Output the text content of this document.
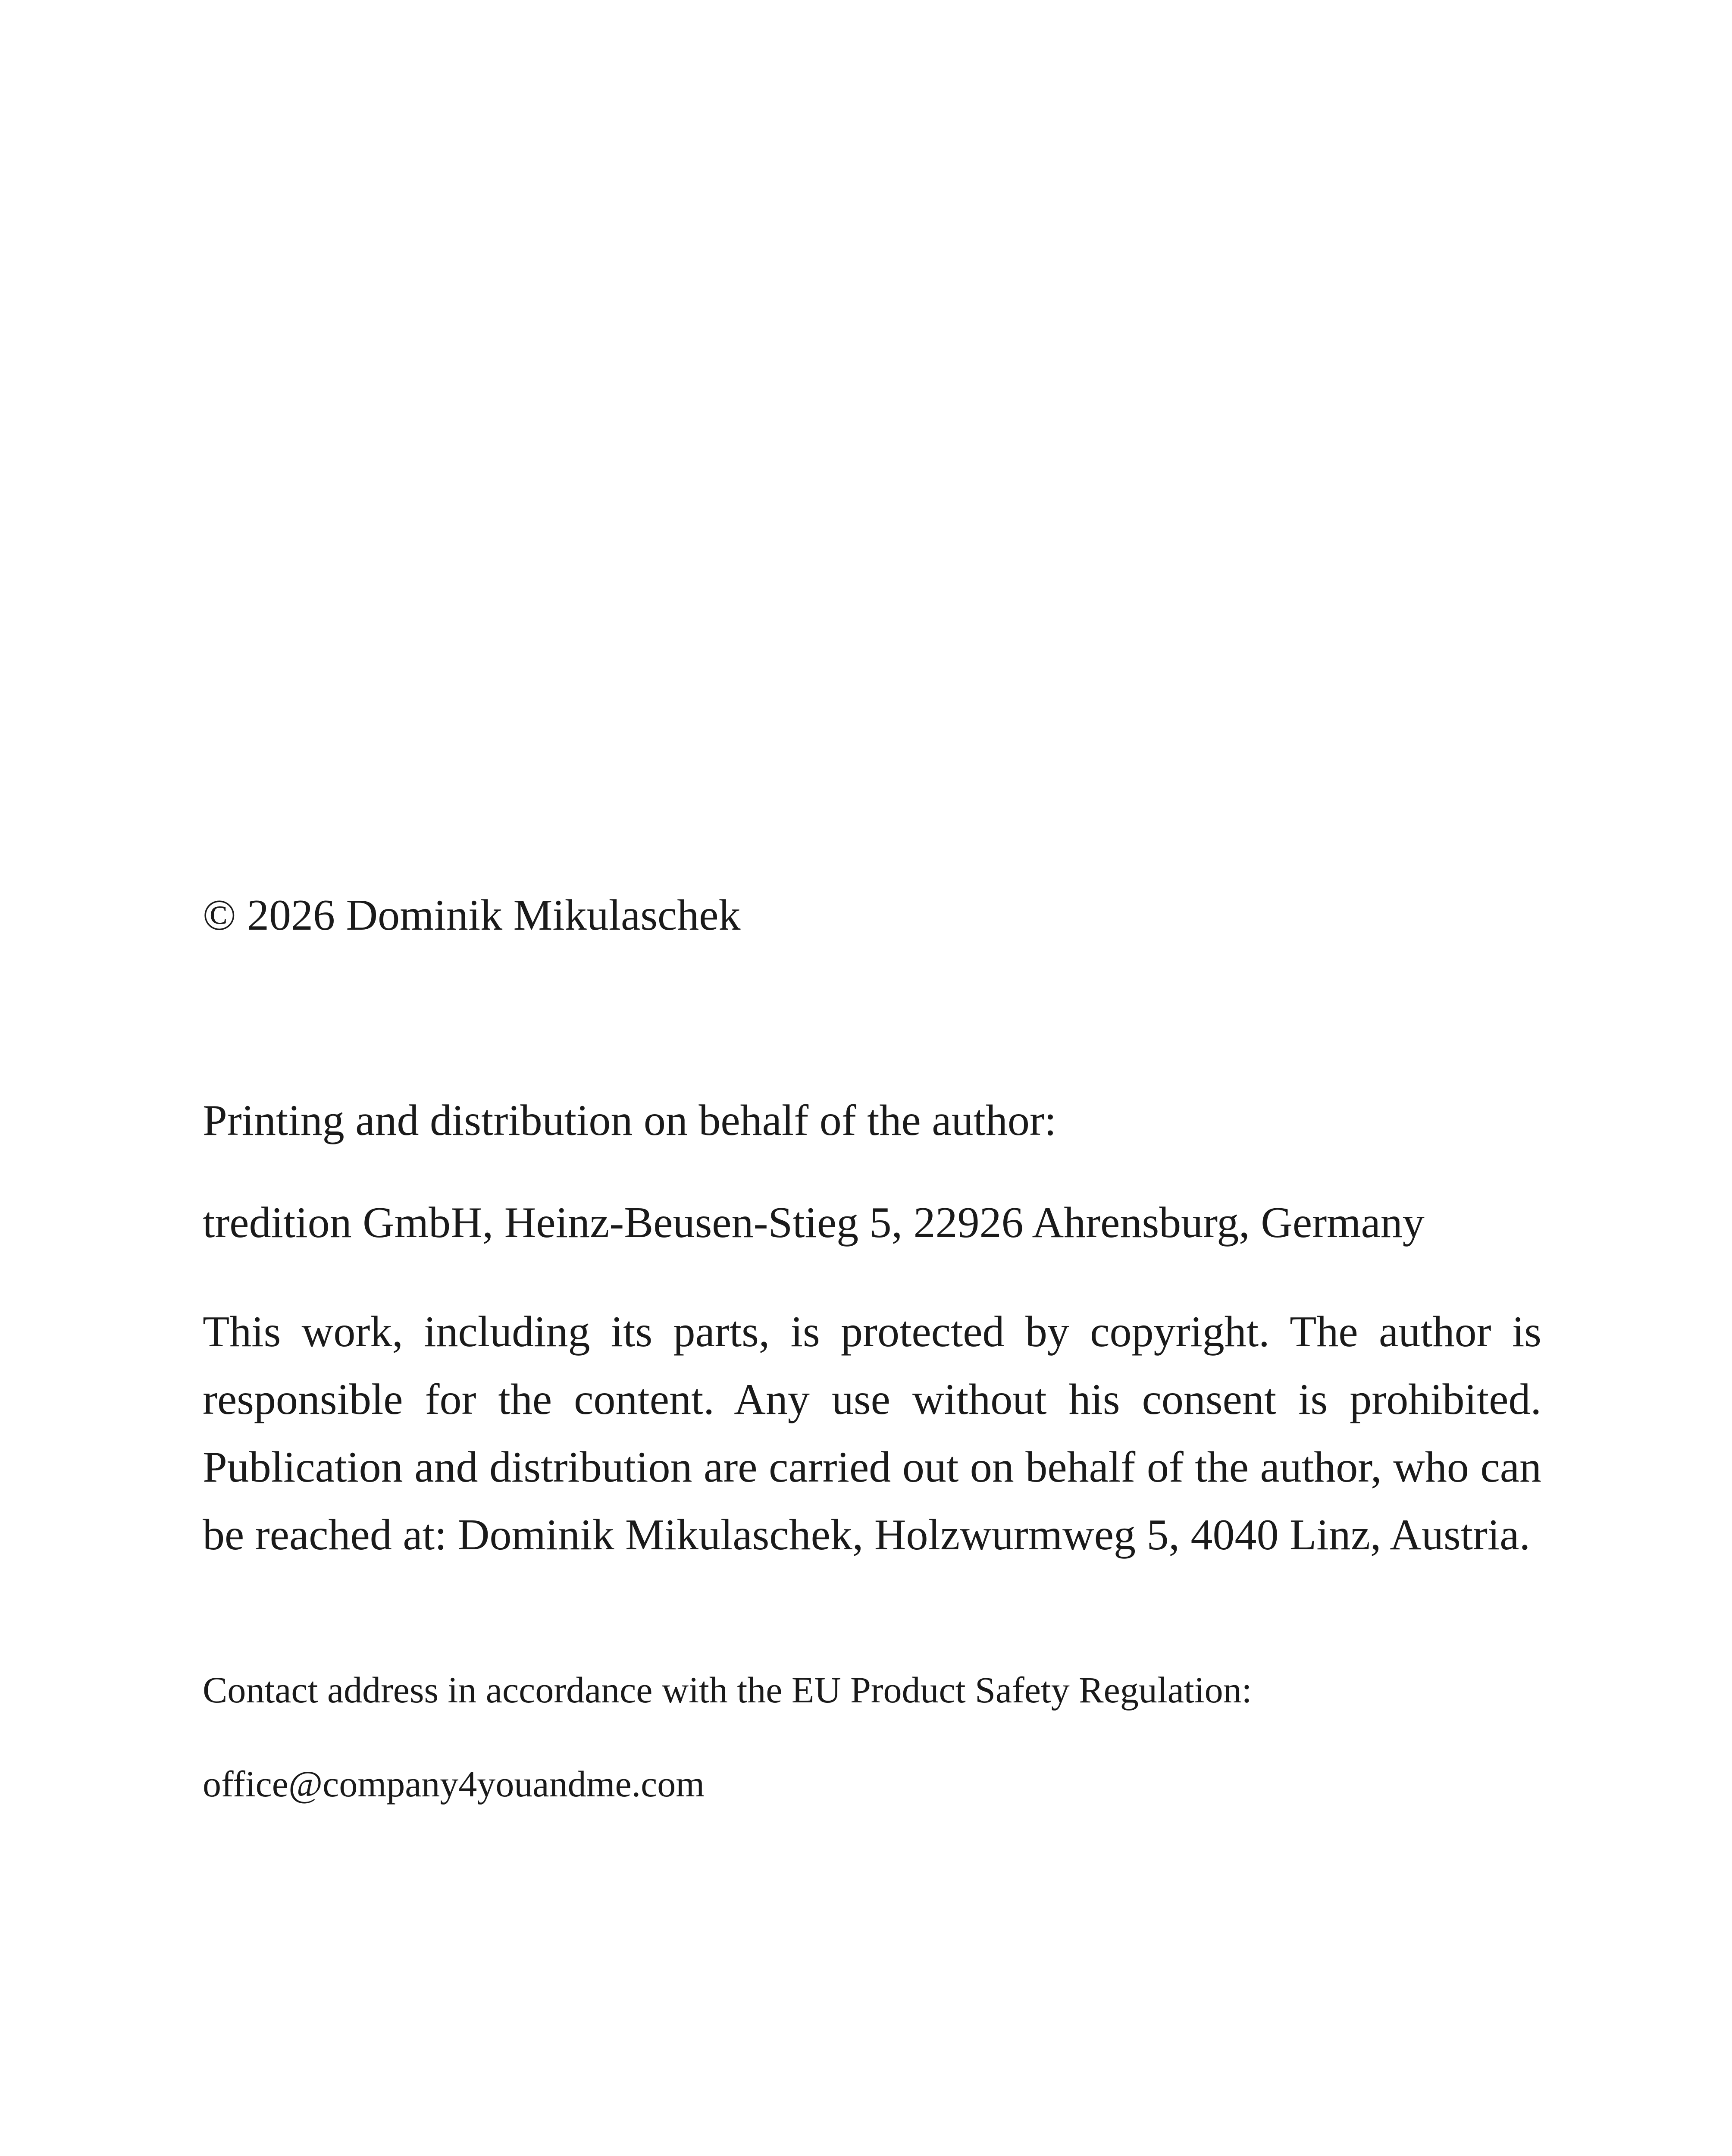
© 2026 Dominik Mikulaschek

Printing and distribution on behalf of the author:

tredition GmbH, Heinz-Beusen-Stieg 5, 22926 Ahrensburg, Germany

This work, including its parts, is protected by copyright. The author is responsible for the content. Any use without his consent is prohibited. Publication and distribution are carried out on behalf of the author, who can be reached at: Dominik Mikulaschek, Holzwurmweg 5, 4040 Linz, Austria.

Contact address in accordance with the EU Product Safety Regulation:

office@company4youandme.com
